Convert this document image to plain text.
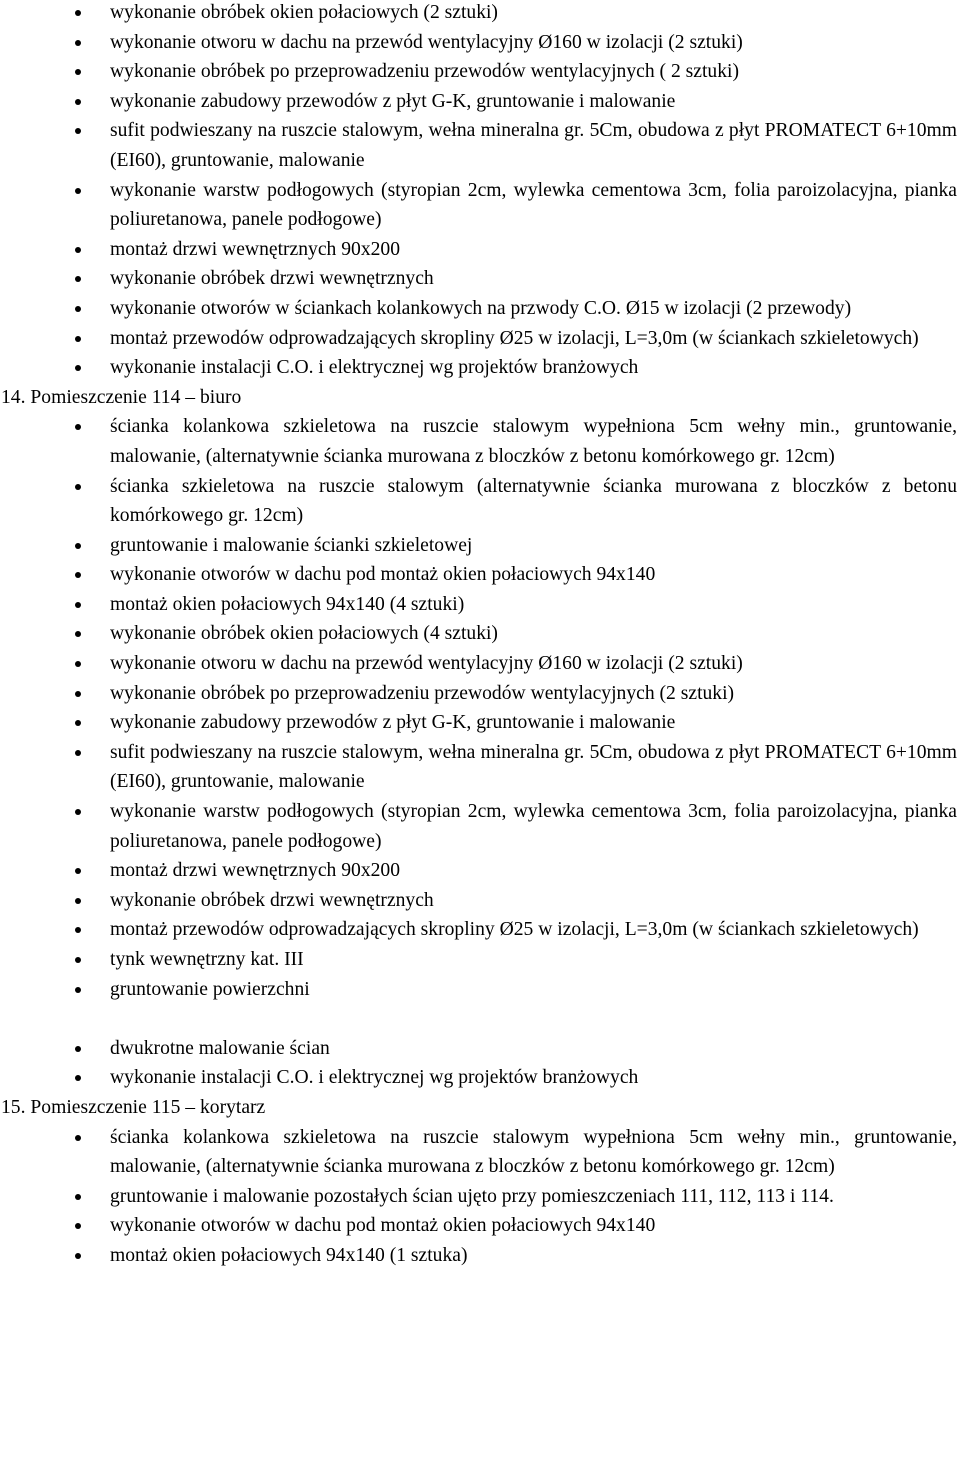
wykonanie obróbek okien połaciowych (2 sztuki)
wykonanie otworu w dachu na przewód wentylacyjny Ø160 w izolacji (2 sztuki)
wykonanie obróbek po przeprowadzeniu przewodów wentylacyjnych ( 2 sztuki)
wykonanie zabudowy przewodów z płyt G-K, gruntowanie i malowanie
sufit podwieszany na ruszcie stalowym, wełna mineralna gr. 5Cm, obudowa z płyt PROMATECT 6+10mm (EI60), gruntowanie, malowanie
wykonanie warstw podłogowych (styropian 2cm, wylewka cementowa 3cm, folia paroizolacyjna, pianka poliuretanowa, panele podłogowe)
montaż drzwi wewnętrznych 90x200
wykonanie obróbek drzwi wewnętrznych
wykonanie otworów w ściankach kolankowych na przwody C.O. Ø15 w izolacji (2 przewody)
montaż przewodów odprowadzających skropliny Ø25 w izolacji, L=3,0m (w ściankach szkieletowych)
wykonanie instalacji C.O. i elektrycznej wg projektów branżowych

14. Pomieszczenie 114 – biuro

ścianka kolankowa szkieletowa na ruszcie stalowym wypełniona 5cm wełny min., gruntowanie, malowanie, (alternatywnie ścianka murowana z bloczków z betonu komórkowego gr. 12cm)
ścianka szkieletowa na ruszcie stalowym (alternatywnie ścianka murowana z bloczków z betonu komórkowego gr. 12cm)
gruntowanie i malowanie ścianki szkieletowej
wykonanie otworów w dachu pod montaż okien połaciowych 94x140
montaż okien połaciowych 94x140 (4 sztuki)
wykonanie obróbek okien połaciowych (4 sztuki)
wykonanie otworu w dachu na przewód wentylacyjny Ø160 w izolacji (2 sztuki)
wykonanie obróbek po przeprowadzeniu przewodów wentylacyjnych (2 sztuki)
wykonanie zabudowy przewodów z płyt G-K, gruntowanie i malowanie
sufit podwieszany na ruszcie stalowym, wełna mineralna gr. 5Cm, obudowa z płyt PROMATECT 6+10mm (EI60), gruntowanie, malowanie
wykonanie warstw podłogowych (styropian 2cm, wylewka cementowa 3cm, folia paroizolacyjna, pianka poliuretanowa, panele podłogowe)
montaż drzwi wewnętrznych 90x200
wykonanie obróbek drzwi wewnętrznych
montaż przewodów odprowadzających skropliny Ø25 w izolacji, L=3,0m (w ściankach szkieletowych)
tynk wewnętrzny kat. III
gruntowanie powierzchni
dwukrotne malowanie ścian
wykonanie instalacji C.O. i elektrycznej wg projektów branżowych

15. Pomieszczenie 115 – korytarz

ścianka kolankowa szkieletowa na ruszcie stalowym wypełniona 5cm wełny min., gruntowanie, malowanie, (alternatywnie ścianka murowana z bloczków z betonu komórkowego gr. 12cm)
gruntowanie i malowanie pozostałych ścian ujęto przy pomieszczeniach 111, 112, 113 i 114.
wykonanie otworów w dachu pod montaż okien połaciowych 94x140
montaż okien połaciowych 94x140 (1 sztuka)
